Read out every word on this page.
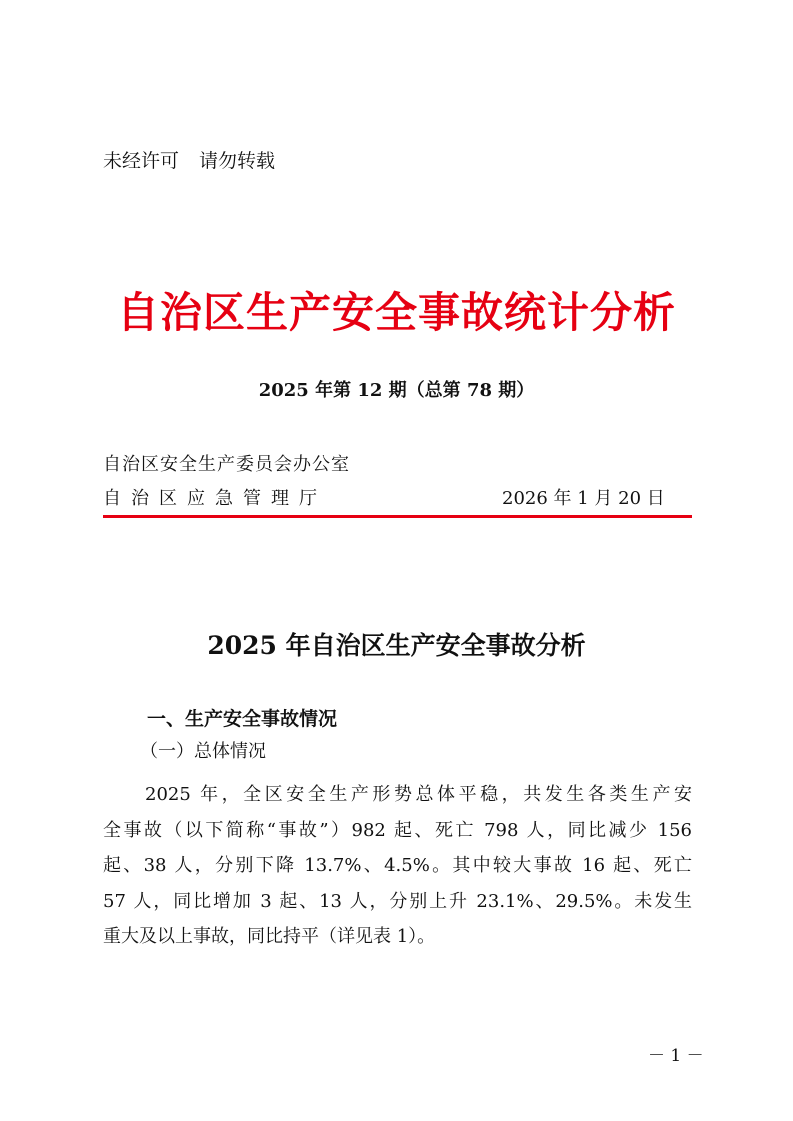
未经许可 请勿转载
自治区生产安全事故统计分析
2025 年第 12 期（总第 78 期）
自治区安全生产委员会办公室
自治区应急管理厅	2026 年 1 月 20 日
2025 年自治区生产安全事故分析
一、生产安全事故情况
（一）总体情况
2025 年，全区安全生产形势总体平稳，共发生各类生产安
全事故（以下简称“事故”）982 起、死亡 798 人，同比减少 156
起、38 人，分别下降 13.7%、4.5%。其中较大事故 16 起、死亡
57 人，同比增加 3 起、13 人，分别上升 23.1%、29.5%。未发生
重大及以上事故，同比持平（详见表 1）。
－ 1 －
